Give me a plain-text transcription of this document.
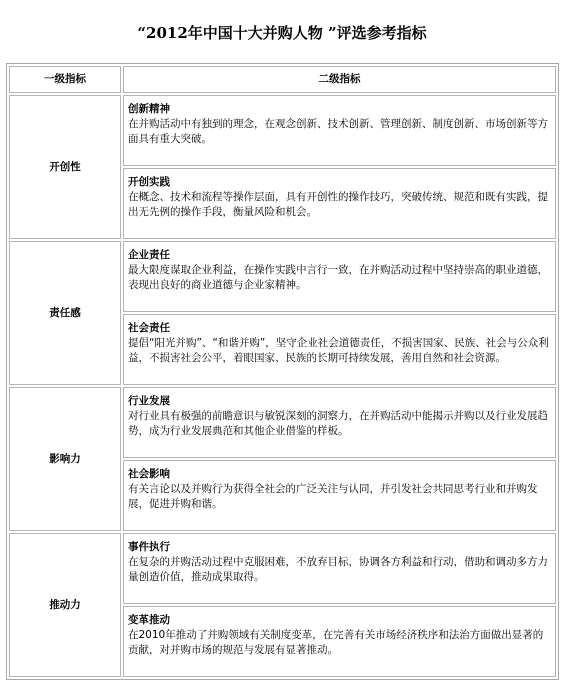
“2012年中国十大并购人物 ”评选参考指标
一级指标	二级指标
开创性	创新精神
在并购活动中有独到的理念，在观念创新、技术创新、管理创新、制度创新、市场创新等方面具有重大突破。

	开创实践
在概念、技术和流程等操作层面，具有开创性的操作技巧，突破传统、规范和既有实践，提出无先例的操作手段，衡量风险和机会。

责任感	企业责任
最大限度谋取企业利益，在操作实践中言行一致，在并购活动过程中坚持崇高的职业道德，表现出良好的商业道德与企业家精神。

	社会责任
提倡“阳光并购”、“和谐并购”，坚守企业社会道德责任，不损害国家、民族、社会与公众利益，不损害社会公平，着眼国家、民族的长期可持续发展，善用自然和社会资源。

影响力	行业发展
对行业具有极强的前瞻意识与敏锐深刻的洞察力，在并购活动中能揭示并购以及行业发展趋势，成为行业发展典范和其他企业借鉴的样板。

	社会影响
有关言论以及并购行为获得全社会的广泛关注与认同，并引发社会共同思考行业和并购发展，促进并购和谐。

推动力	事件执行
在复杂的并购活动过程中克服困难，不放弃目标，协调各方利益和行动，借助和调动多方力量创造价值，推动成果取得。

	变革推动
在2010年推动了并购领域有关制度变革，在完善有关市场经济秩序和法治方面做出显著的贡献，对并购市场的规范与发展有显著推动。
